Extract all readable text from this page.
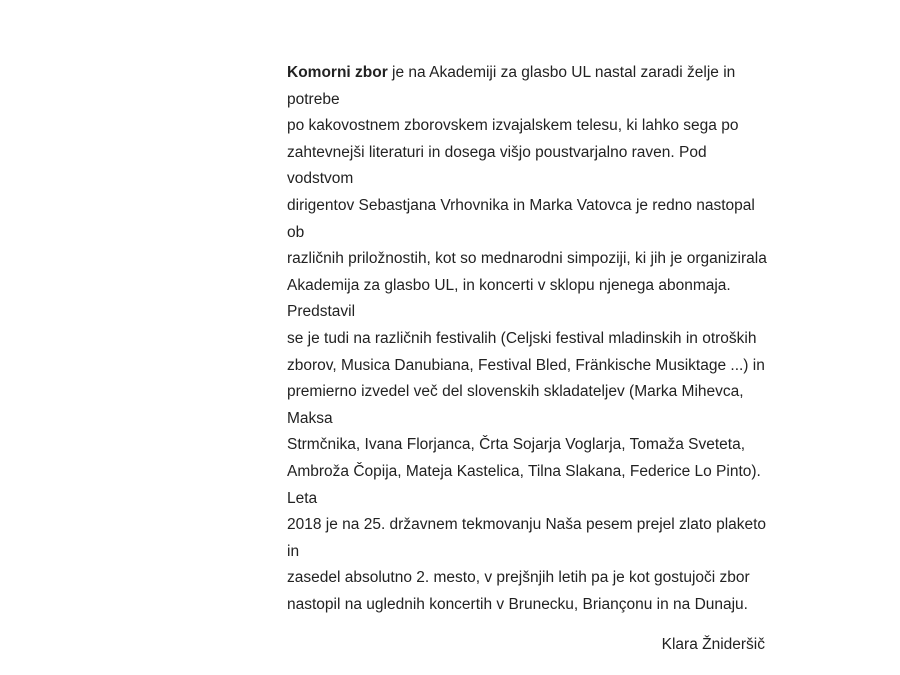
Komorni zbor je na Akademiji za glasbo UL nastal zaradi želje in potrebe
po kakovostnem zborovskem izvajalskem telesu, ki lahko sega po
zahtevnejši literaturi in dosega višjo poustvarjalno raven. Pod vodstvom
dirigentov Sebastjana Vrhovnika in Marka Vatovca je redno nastopal ob
različnih priložnostih, kot so mednarodni simpoziji, ki jih je organizirala
Akademija za glasbo UL, in koncerti v sklopu njenega abonmaja. Predstavil
se je tudi na različnih festivalih (Celjski festival mladinskih in otroških
zborov, Musica Danubiana, Festival Bled, Fränkische Musiktage ...) in
premierno izvedel več del slovenskih skladateljev (Marka Mihevca, Maksa
Strmčnika, Ivana Florjanca, Črta Sojarja Voglarja, Tomaža Sveteta,
Ambroža Čopija, Mateja Kastelica, Tilna Slakana, Federice Lo Pinto). Leta
2018 je na 25. državnem tekmovanju Naša pesem prejel zlato plaketo in
zasedel absolutno 2. mesto, v prejšnjih letih pa je kot gostujoči zbor
nastopil na uglednih koncertih v Brunecku, Briançonu in na Dunaju.

Klara Žnideršič
